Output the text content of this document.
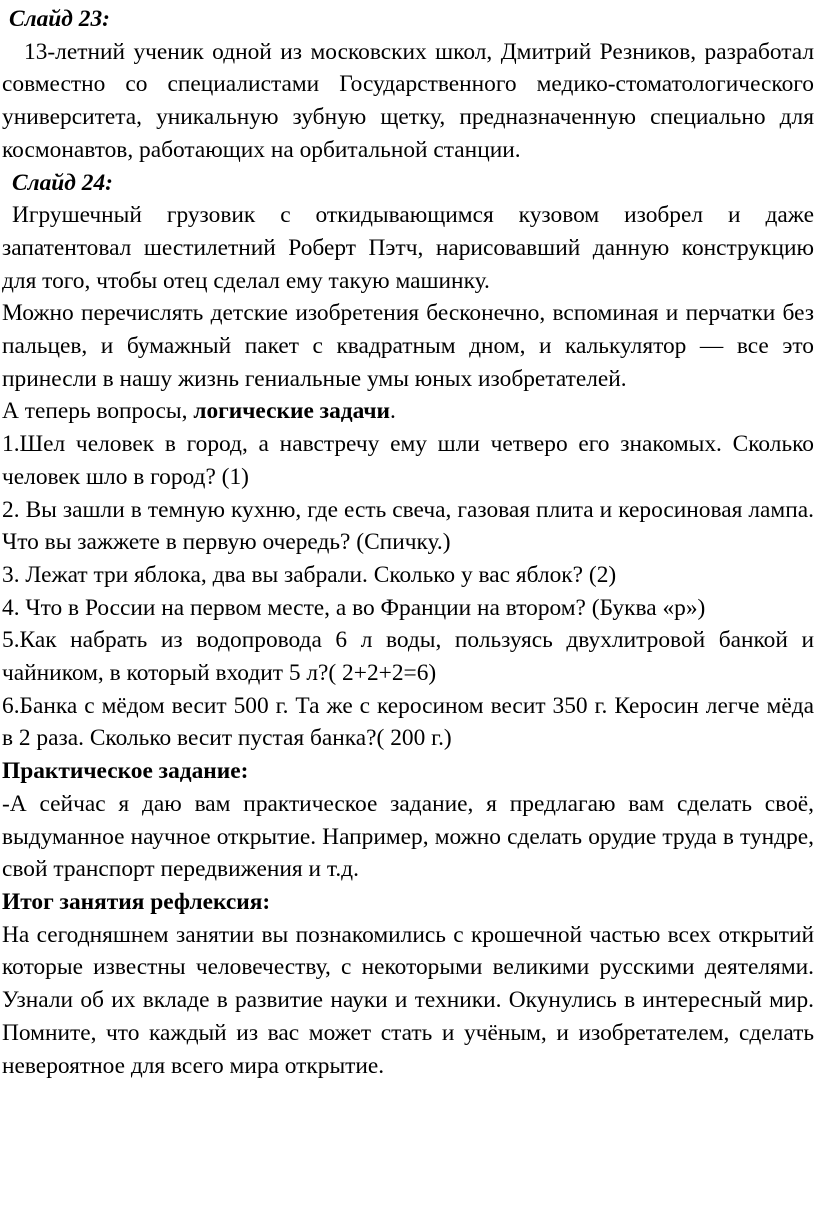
Слайд 23:

13-летний ученик одной из московских школ, Дмитрий Резников, разработал совместно со специалистами Государственного медико-стоматологического университета, уникальную зубную щетку, предназначенную специально для космонавтов, работающих на орбитальной станции.

Слайд 24:

Игрушечный грузовик с откидывающимся кузовом изобрел и даже запатентовал шестилетний Роберт Пэтч, нарисовавший данную конструкцию для того, чтобы отец сделал ему такую машинку.

Можно перечислять детские изобретения бесконечно, вспоминая и перчатки без пальцев, и бумажный пакет с квадратным дном, и калькулятор — все это принесли в нашу жизнь гениальные умы юных изобретателей.

А теперь вопросы, логические задачи.

1.Шел человек в город, а навстречу ему шли четверо его знакомых. Сколько человек шло в город? (1)

2. Вы зашли в темную кухню, где есть свеча, газовая плита и керосиновая лампа. Что вы зажжете в первую очередь? (Спичку.)

3. Лежат три яблока, два вы забрали. Сколько у вас яблок? (2)

4. Что в России на первом месте, а во Франции на втором? (Буква «р»)

5.Как набрать из водопровода 6 л воды, пользуясь двухлитровой банкой и чайником, в который входит 5 л?( 2+2+2=6)

6.Банка с мёдом весит 500 г. Та же с керосином весит 350 г. Керосин легче мёда в 2 раза. Сколько весит пустая банка?( 200 г.)

Практическое задание:

-А сейчас я даю вам практическое задание, я предлагаю вам сделать своё, выдуманное научное открытие. Например, можно сделать орудие труда в тундре, свой транспорт передвижения и т.д.

Итог занятия рефлексия:

На сегодняшнем занятии вы познакомились с крошечной частью всех открытий которые известны человечеству, с некоторыми великими русскими деятелями. Узнали об их вкладе в развитие науки и техники. Окунулись в интересный мир. Помните, что каждый из вас может стать и учёным, и изобретателем, сделать невероятное для всего мира открытие.
